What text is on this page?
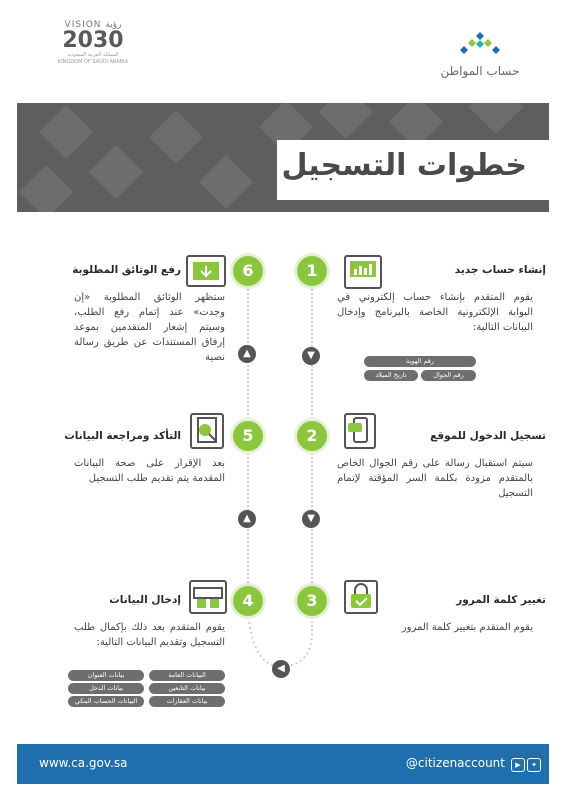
VISION رؤية
2030
المملكة العربية السعودية
KINGDOM OF SAUDI ARABIA
حساب المواطن
خطوات التسجيل
▼
▼
▲
▲
◀
1	إنشاء حساب جديد
يقوم المتقدم بإنشاء حساب إلكتروني في البوابة الإلكترونية الخاصة بالبرنامج وإدخال البيانات التالية:
رقم الهوية
رقم الجوال
تاريخ الميلاد
2	تسجيل الدخول للموقع
سيتم استقبال رسالة على رقم الجوال الخاص بالمتقدم مزودة بكلمة السر المؤقتة لإتمام التسجيل
3	تغيير كلمة المرور
يقوم المتقدم بتغيير كلمة المرور
4
إدخال البيانات
يقوم المتقدم بعد ذلك بإكمال طلب التسجيل وتقديم البيانات التالية:
البيانات العامة
بيانات العنوان
بيانات التابعين
بيانات الدخل
بيانات العقارات
البيانات الحساب البنكي
5
التأكد ومراجعة البيانات
بعد الإقرار على صحة البيانات المقدمة يتم تقديم طلب التسجيل
6
رفع الوثائق المطلوبة
ستظهر الوثائق المطلوبة «إن وجدت» عند إتمام رفع الطلب، وسيتم إشعار المتقدمين بموعد إرفاق المستندات عن طريق رسالة نصية
www.ca.gov.sa	@citizenaccount	▶	✦
